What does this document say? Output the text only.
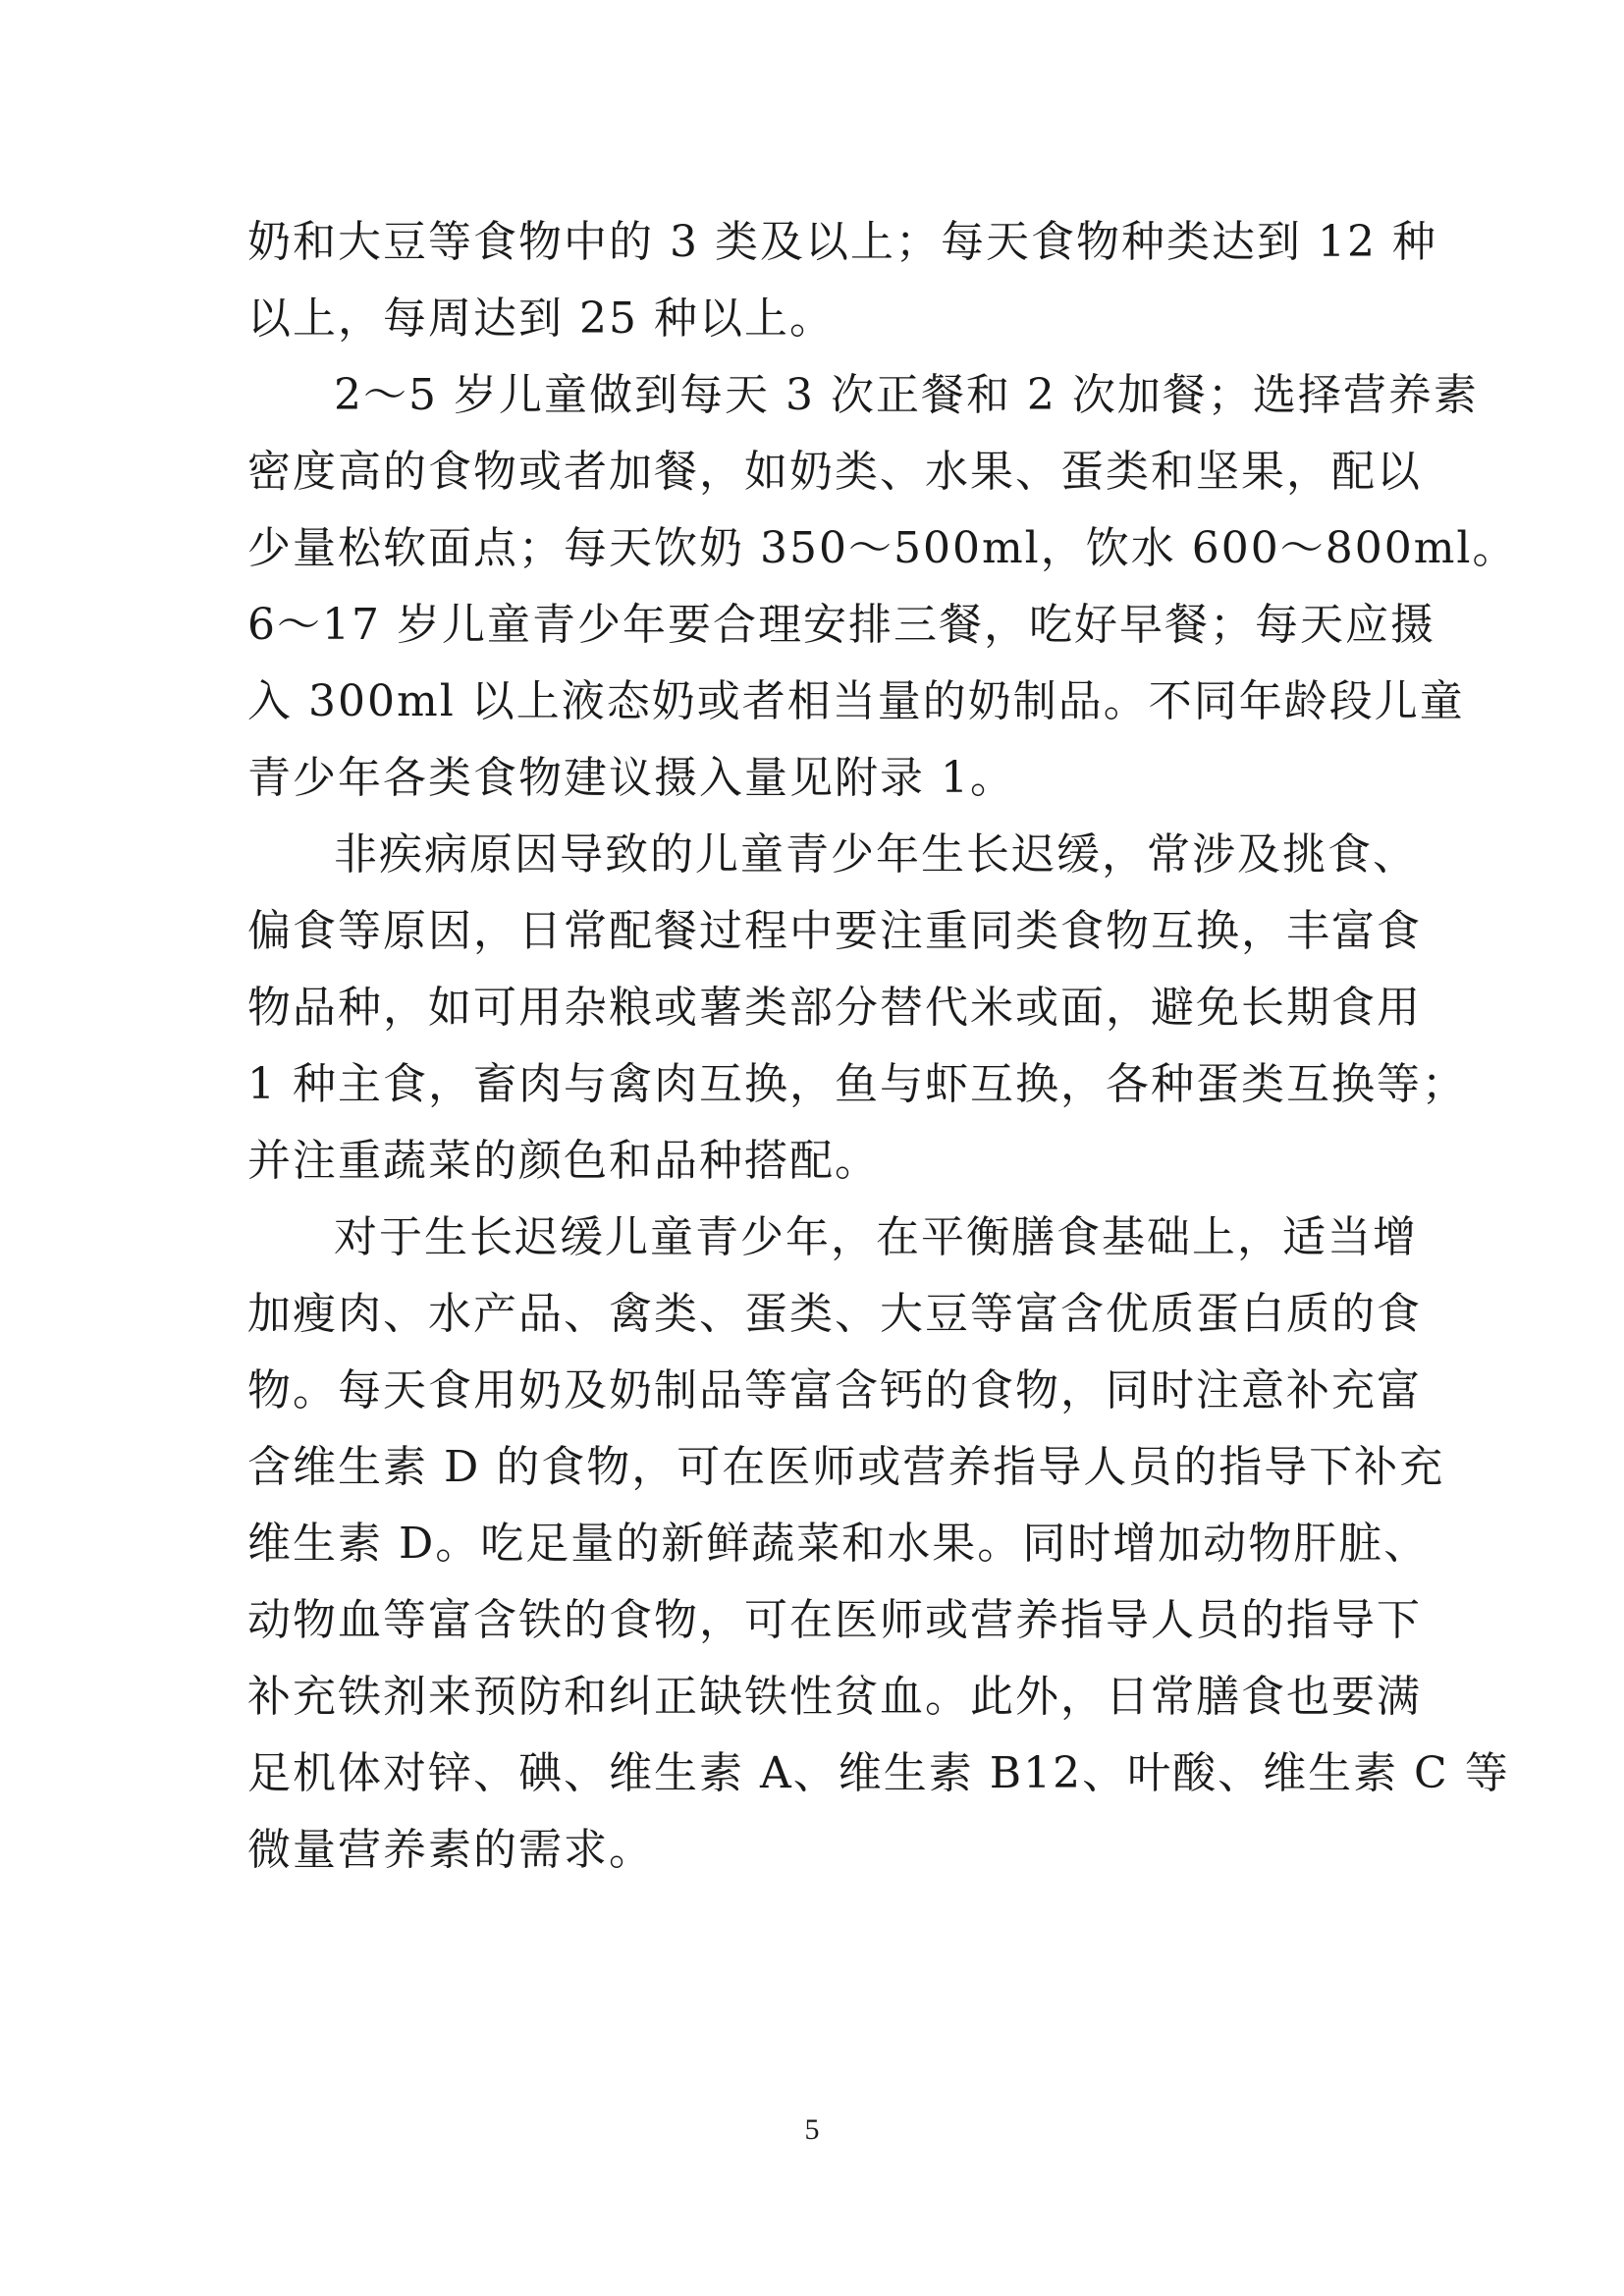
奶和大豆等食物中的 3 类及以上；每天食物种类达到 12 种
以上，每周达到 25 种以上。
2～5 岁儿童做到每天 3 次正餐和 2 次加餐；选择营养素
密度高的食物或者加餐，如奶类、水果、蛋类和坚果，配以
少量松软面点；每天饮奶 350～500ml，饮水 600～800ml。
6～17 岁儿童青少年要合理安排三餐，吃好早餐；每天应摄
入 300ml 以上液态奶或者相当量的奶制品。不同年龄段儿童
青少年各类食物建议摄入量见附录 1。
非疾病原因导致的儿童青少年生长迟缓，常涉及挑食、
偏食等原因，日常配餐过程中要注重同类食物互换，丰富食
物品种，如可用杂粮或薯类部分替代米或面，避免长期食用
1 种主食，畜肉与禽肉互换，鱼与虾互换，各种蛋类互换等；
并注重蔬菜的颜色和品种搭配。
对于生长迟缓儿童青少年，在平衡膳食基础上，适当增
加瘦肉、水产品、禽类、蛋类、大豆等富含优质蛋白质的食
物。每天食用奶及奶制品等富含钙的食物，同时注意补充富
含维生素 D 的食物，可在医师或营养指导人员的指导下补充
维生素 D。吃足量的新鲜蔬菜和水果。同时增加动物肝脏、
动物血等富含铁的食物，可在医师或营养指导人员的指导下
补充铁剂来预防和纠正缺铁性贫血。此外，日常膳食也要满
足机体对锌、碘、维生素 A、维生素 B12、叶酸、维生素 C 等
微量营养素的需求。
5
